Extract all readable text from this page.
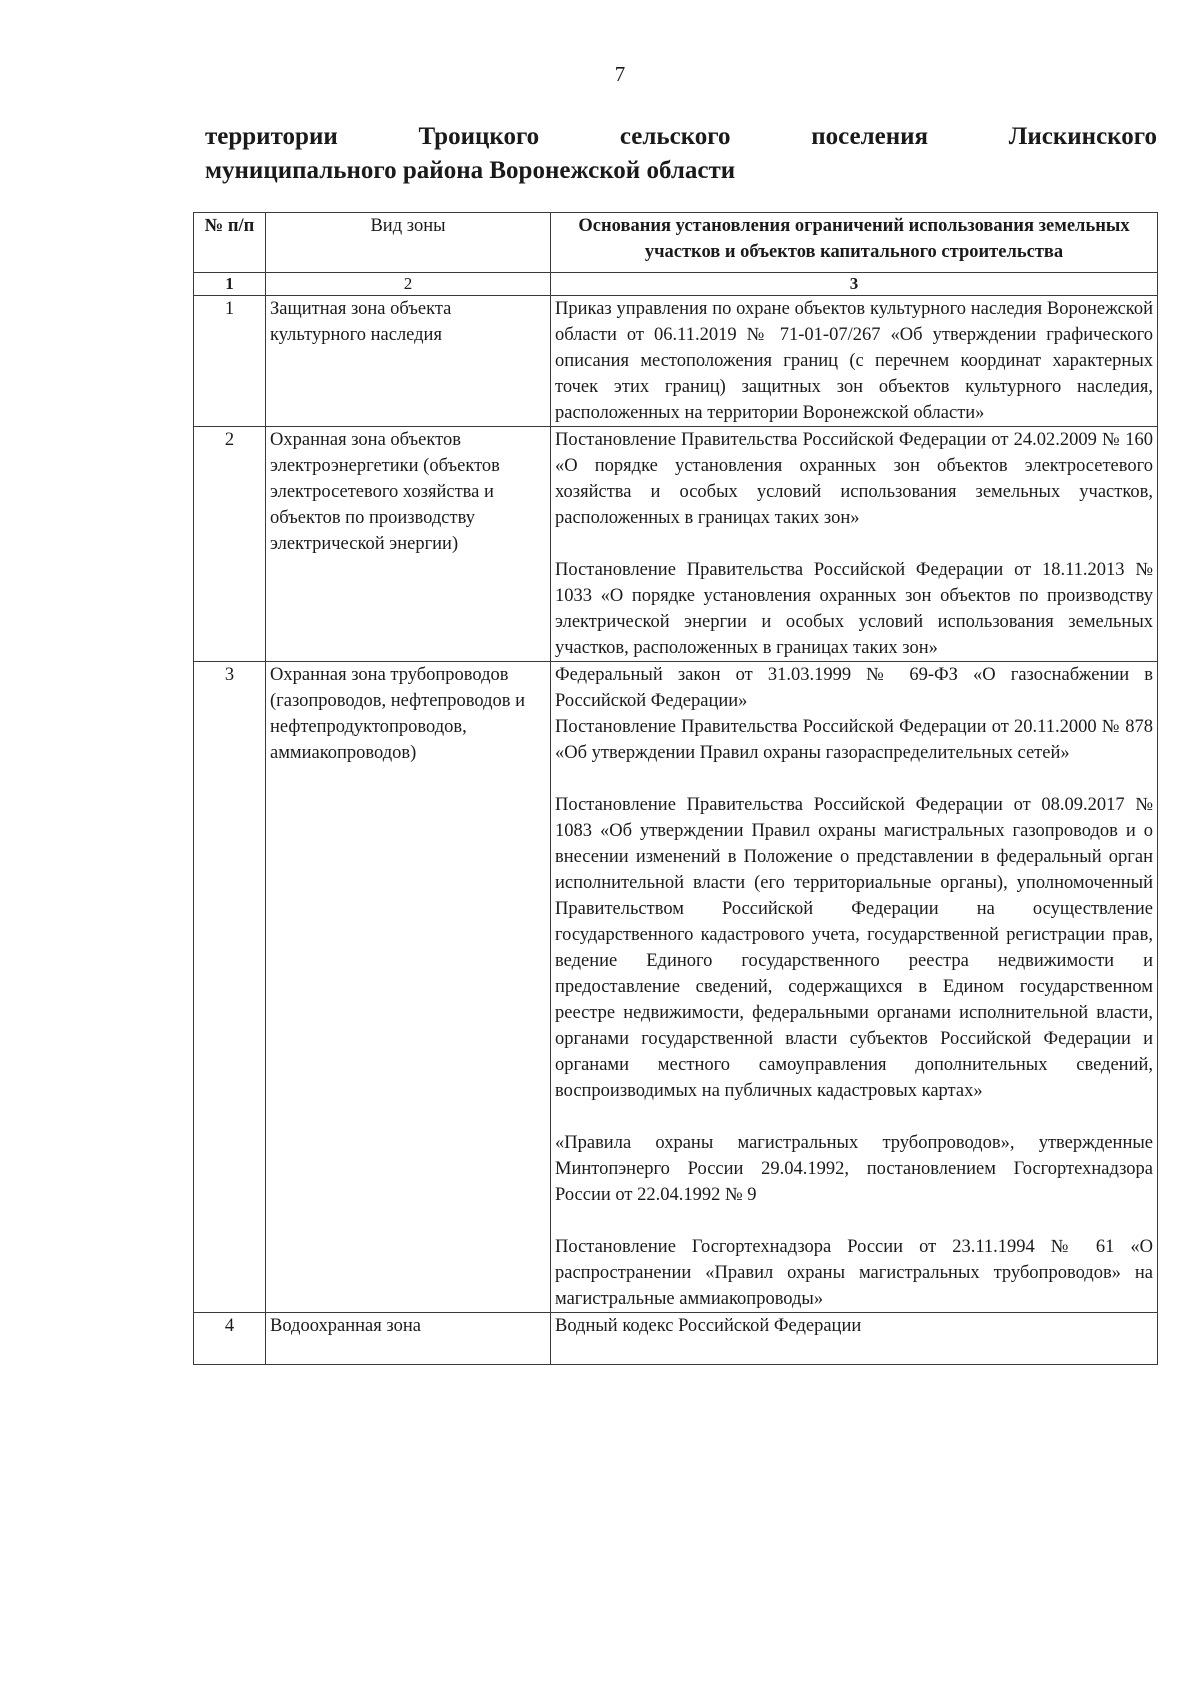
7
территории Троицкого сельского поселения Лискинского
муниципального района Воронежской области
№ п/п	Вид зоны	Основания установления ограничений использования земельных участков и объектов капитального строительства
1	2	3
1	Защитная зона объекта культурного наследия	Приказ управления по охране объектов культурного наследия Воронежской области от 06.11.2019 № 71-01-07/267 «Об утверждении графического описания местоположения границ (с перечнем координат характерных точек этих границ) защитных зон объектов культурного наследия, расположенных на территории Воронежской области»

2	Охранная зона объектов электроэнергетики (объектов электросетевого хозяйства и объектов по производству электрической энергии)	Постановление Правительства Российской Федерации от 24.02.2009 № 160 «О порядке установления охранных зон объектов электросетевого хозяйства и особых условий использования земельных участков, расположенных в границах таких зон»
Постановление Правительства Российской Федерации от 18.11.2013 № 1033 «О порядке установления охранных зон объектов по производству электрической энергии и особых условий использования земельных участков, расположенных в границах таких зон»

3	Охранная зона трубопроводов (газопроводов, нефтепроводов и нефтепродуктопроводов, аммиакопроводов)	Федеральный закон от 31.03.1999 № 69-ФЗ «О газоснабжении в Российской Федерации»
Постановление Правительства Российской Федерации от 20.11.2000 № 878 «Об утверждении Правил охраны газораспределительных сетей»
Постановление Правительства Российской Федерации от 08.09.2017 № 1083 «Об утверждении Правил охраны магистральных газопроводов и о внесении изменений в Положение о представлении в федеральный орган исполнительной власти (его территориальные органы), уполномоченный Правительством Российской Федерации на осуществление государственного кадастрового учета, государственной регистрации прав, ведение Единого государственного реестра недвижимости и предоставление сведений, содержащихся в Едином государственном реестре недвижимости, федеральными органами исполнительной власти, органами государственной власти субъектов Российской Федерации и органами местного самоуправления дополнительных сведений, воспроизводимых на публичных кадастровых картах»
«Правила охраны магистральных трубопроводов», утвержденные Минтопэнерго России 29.04.1992, постановлением Госгортехнадзора России от 22.04.1992 № 9
Постановление Госгортехнадзора России от 23.11.1994 № 61 «О распространении «Правил охраны магистральных трубопроводов» на магистральные аммиакопроводы»

4	Водоохранная зона	Водный кодекс Российской Федерации
